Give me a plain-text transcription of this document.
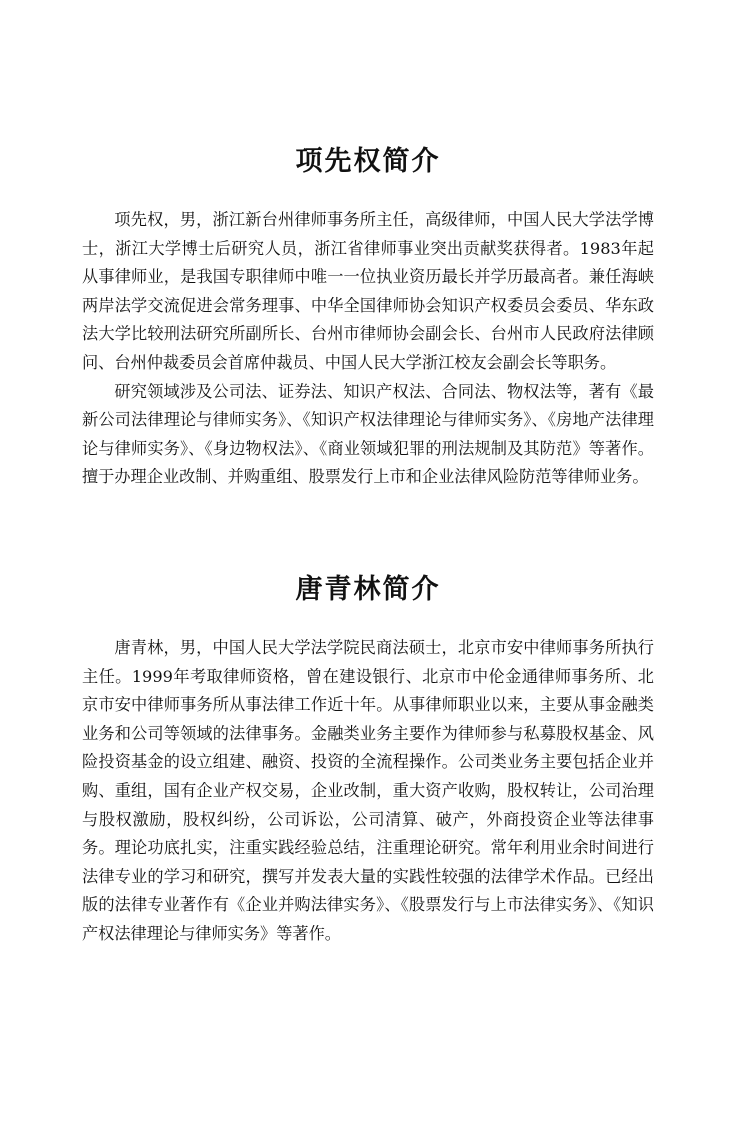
项先权简介

项先权，男，浙江新台州律师事务所主任，高级律师，中国人民大学法学博士，浙江大学博士后研究人员，浙江省律师事业突出贡献奖获得者。1983年起从事律师业，是我国专职律师中唯一一位执业资历最长并学历最高者。兼任海峡两岸法学交流促进会常务理事、中华全国律师协会知识产权委员会委员、华东政法大学比较刑法研究所副所长、台州市律师协会副会长、台州市人民政府法律顾问、台州仲裁委员会首席仲裁员、中国人民大学浙江校友会副会长等职务。

研究领域涉及公司法、证券法、知识产权法、合同法、物权法等，著有《最新公司法律理论与律师实务》、《知识产权法律理论与律师实务》、《房地产法律理论与律师实务》、《身边物权法》、《商业领域犯罪的刑法规制及其防范》等著作。擅于办理企业改制、并购重组、股票发行上市和企业法律风险防范等律师业务。

唐青林简介

唐青林，男，中国人民大学法学院民商法硕士，北京市安中律师事务所执行主任。1999年考取律师资格，曾在建设银行、北京市中伦金通律师事务所、北京市安中律师事务所从事法律工作近十年。从事律师职业以来，主要从事金融类业务和公司等领域的法律事务。金融类业务主要作为律师参与私募股权基金、风险投资基金的设立组建、融资、投资的全流程操作。公司类业务主要包括企业并购、重组，国有企业产权交易，企业改制，重大资产收购，股权转让，公司治理与股权激励，股权纠纷，公司诉讼，公司清算、破产，外商投资企业等法律事务。理论功底扎实，注重实践经验总结，注重理论研究。常年利用业余时间进行法律专业的学习和研究，撰写并发表大量的实践性较强的法律学术作品。已经出版的法律专业著作有《企业并购法律实务》、《股票发行与上市法律实务》、《知识产权法律理论与律师实务》等著作。
